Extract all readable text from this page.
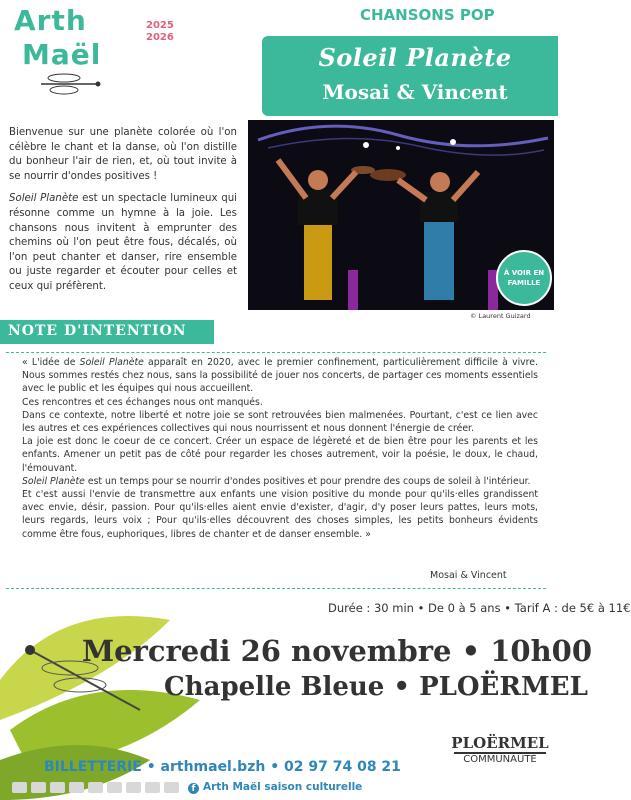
Arth
Maël
2025
2026
CHANSONS POP
Soleil Planète
Mosai & Vincent

Bienvenue sur une planète colorée où l'on célèbre le chant et la danse, où l'on distille du bonheur l'air de rien, et, où tout invite à se nourrir d'ondes positives !

Soleil Planète est un spectacle lumineux qui résonne comme un hymne à la joie. Les chansons nous invitent à emprunter des chemins où l'on peut être fous, décalés, où l'on peut chanter et danser, rire ensemble ou juste regarder et écouter pour celles et ceux qui préfèrent.

À VOIR EN FAMILLE
© Laurent Guizard
NOTE D'INTENTION

« L'idée de Soleil Planète apparaît en 2020, avec le premier confinement, particulièrement difficile à vivre. Nous sommes restés chez nous, sans la possibilité de jouer nos concerts, de partager ces moments essentiels avec le public et les équipes qui nous accueillent.

Ces rencontres et ces échanges nous ont manqués.

Dans ce contexte, notre liberté et notre joie se sont retrouvées bien malmenées. Pourtant, c'est ce lien avec les autres et ces expériences collectives qui nous nourrissent et nous donnent l'énergie de créer.

La joie est donc le coeur de ce concert. Créer un espace de légèreté et de bien être pour les parents et les enfants. Amener un petit pas de côté pour regarder les choses autrement, voir la poésie, le doux, le chaud, l'émouvant.

Soleil Planète est un temps pour se nourrir d'ondes positives et pour prendre des coups de soleil à l'intérieur.

Et c'est aussi l'envie de transmettre aux enfants une vision positive du monde pour qu'ils·elles grandissent avec envie, désir, passion. Pour qu'ils·elles aient envie d'exister, d'agir, d'y poser leurs pattes, leurs mots, leurs regards, leurs voix ; Pour qu'ils·elles découvrent des choses simples, les petits bonheurs évidents comme être fous, euphoriques, libres de chanter et de danser ensemble. »

Mosai & Vincent
Durée : 30 min • De 0 à 5 ans • Tarif A : de 5€ à 11€
Mercredi 26 novembre • 10h00
Chapelle Bleue • PLOËRMEL
BILLETTERIE • arthmael.bzh • 02 97 74 08 21
f Arth Maël saison culturelle
PLOËRMEL
COMMUNAUTÉ
